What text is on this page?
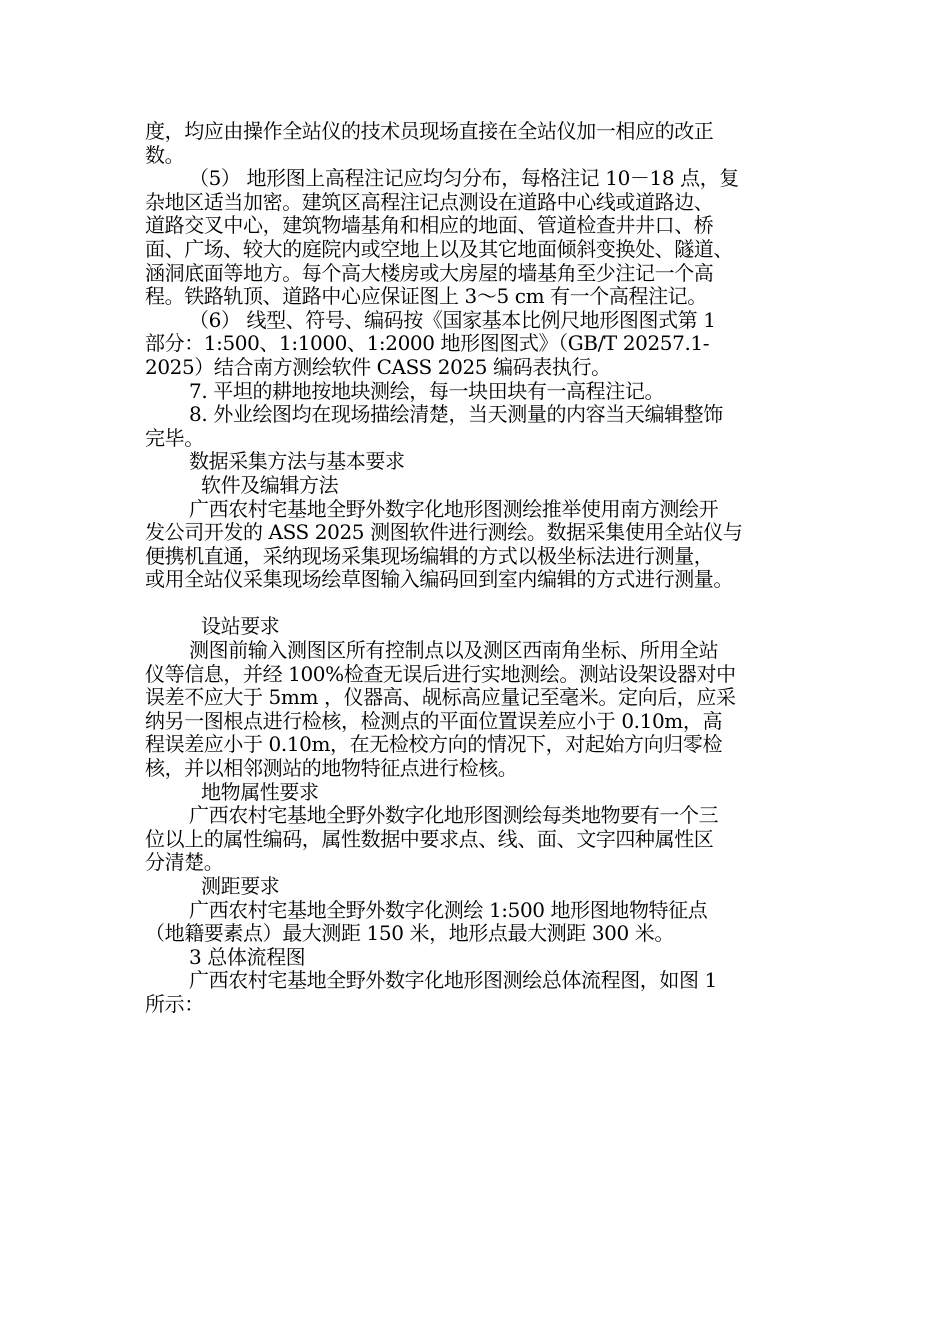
度，均应由操作全站仪的技术员现场直接在全站仪加一相应的改正
数。
（5） 地形图上高程注记应均匀分布，每格注记 10－18 点，复
杂地区适当加密。建筑区高程注记点测设在道路中心线或道路边、
道路交叉中心，建筑物墙基角和相应的地面、管道检查井井口、桥
面、广场、较大的庭院内或空地上以及其它地面倾斜变换处、隧道、
涵洞底面等地方。每个高大楼房或大房屋的墙基角至少注记一个高
程。铁路轨顶、道路中心应保证图上 3～5 cm 有一个高程注记。
（6） 线型、符号、编码按《国家基本比例尺地形图图式第 1
部分：1:500、1:1000、1:2000 地形图图式》（GB/T 20257.1-
2025）结合南方测绘软件 CASS 2025 编码表执行。
7. 平坦的耕地按地块测绘，每一块田块有一高程注记。
8. 外业绘图均在现场描绘清楚，当天测量的内容当天编辑整饰
完毕。
数据采集方法与基本要求
软件及编辑方法
广西农村宅基地全野外数字化地形图测绘推举使用南方测绘开
发公司开发的 ASS 2025 测图软件进行测绘。数据采集使用全站仪与
便携机直通，采纳现场采集现场编辑的方式以极坐标法进行测量，
或用全站仪采集现场绘草图输入编码回到室内编辑的方式进行测量。
设站要求
测图前输入测图区所有控制点以及测区西南角坐标、所用全站
仪等信息，并经 100%检查无误后进行实地测绘。测站设架设器对中
误差不应大于 5mm ，仪器高、觇标高应量记至毫米。定向后，应采
纳另一图根点进行检核，检测点的平面位置误差应小于 0.10m，高
程误差应小于 0.10m，在无检校方向的情况下，对起始方向归零检
核，并以相邻测站的地物特征点进行检核。
地物属性要求
广西农村宅基地全野外数字化地形图测绘每类地物要有一个三
位以上的属性编码，属性数据中要求点、线、面、文字四种属性区
分清楚。
测距要求
广西农村宅基地全野外数字化测绘 1:500 地形图地物特征点
（地籍要素点）最大测距 150 米，地形点最大测距 300 米。
3 总体流程图
广西农村宅基地全野外数字化地形图测绘总体流程图，如图 1
所示：
